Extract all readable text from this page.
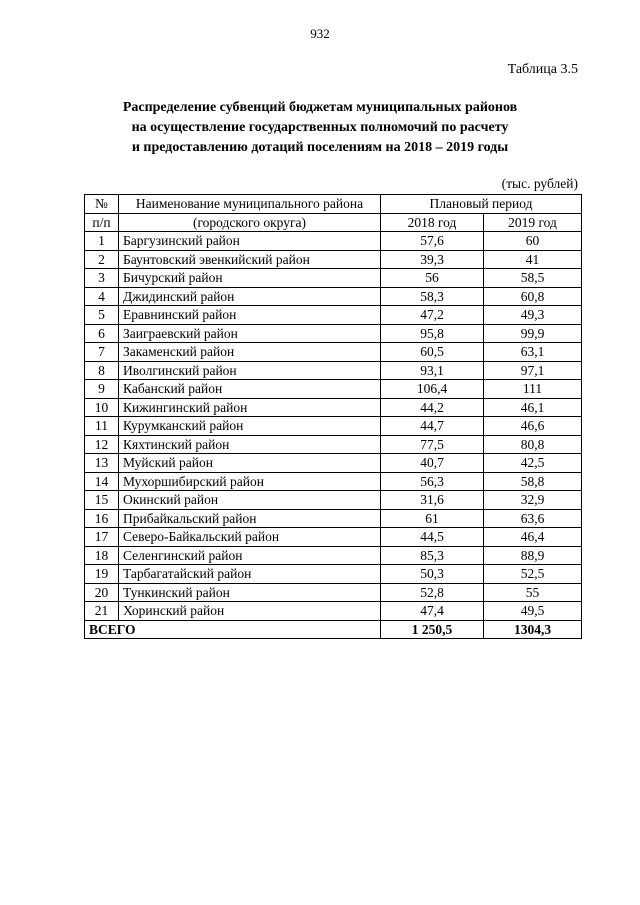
932
Таблица 3.5
Распределение субвенций бюджетам муниципальных районов
на осуществление государственных полномочий по расчету
и предоставлению дотаций поселениям на 2018 – 2019 годы
(тыс. рублей)
№	Наименование муниципального района	Плановый период	
п/п	(городского округа)	2018 год	2019 год
1	Баргузинский район	57,6	60
2	Баунтовский эвенкийский район	39,3	41
3	Бичурский район	56	58,5
4	Джидинский район	58,3	60,8
5	Еравнинский район	47,2	49,3
6	Заиграевский район	95,8	99,9
7	Закаменский район	60,5	63,1
8	Иволгинский район	93,1	97,1
9	Кабанский район	106,4	111
10	Кижингинский район	44,2	46,1
11	Курумканский район	44,7	46,6
12	Кяхтинский район	77,5	80,8
13	Муйский район	40,7	42,5
14	Мухоршибирский район	56,3	58,8
15	Окинский район	31,6	32,9
16	Прибайкальский район	61	63,6
17	Северо-Байкальский район	44,5	46,4
18	Селенгинский район	85,3	88,9
19	Тарбагатайский район	50,3	52,5
20	Тункинский район	52,8	55
21	Хоринский район	47,4	49,5
ВСЕГО		1 250,5	1304,3
